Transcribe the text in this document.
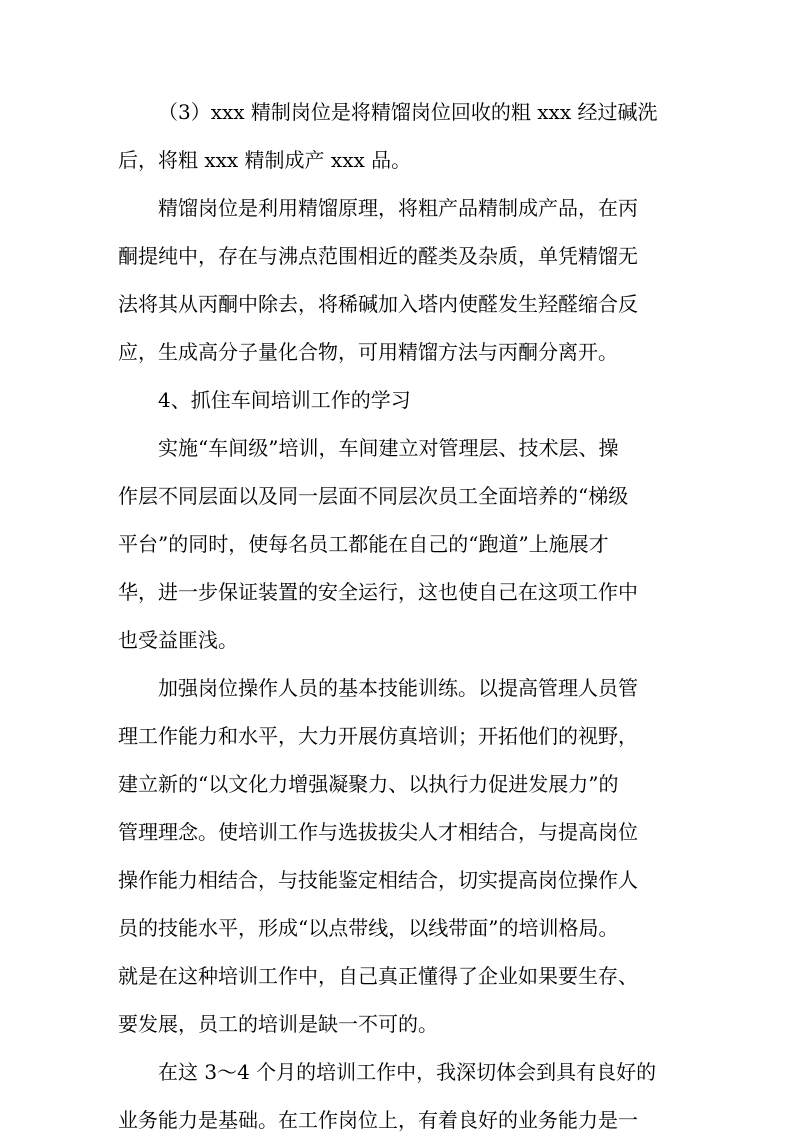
（3）xxx 精制岗位是将精馏岗位回收的粗 xxx 经过碱洗
后，将粗 xxx 精制成产 xxx 品。
精馏岗位是利用精馏原理，将粗产品精制成产品，在丙
酮提纯中，存在与沸点范围相近的醛类及杂质，单凭精馏无
法将其从丙酮中除去，将稀碱加入塔内使醛发生羟醛缩合反
应，生成高分子量化合物，可用精馏方法与丙酮分离开。
4、抓住车间培训工作的学习
实施“车间级”培训，车间建立对管理层、技术层、操
作层不同层面以及同一层面不同层次员工全面培养的“梯级
平台”的同时，使每名员工都能在自己的“跑道”上施展才
华，进一步保证装置的安全运行，这也使自己在这项工作中
也受益匪浅。
加强岗位操作人员的基本技能训练。以提高管理人员管
理工作能力和水平，大力开展仿真培训；开拓他们的视野，
建立新的“以文化力增强凝聚力、以执行力促进发展力”的
管理理念。使培训工作与选拔拔尖人才相结合，与提高岗位
操作能力相结合，与技能鉴定相结合，切实提高岗位操作人
员的技能水平，形成“以点带线，以线带面”的培训格局。
就是在这种培训工作中，自己真正懂得了企业如果要生存、
要发展，员工的培训是缺一不可的。
在这 3～4 个月的培训工作中，我深切体会到具有良好的
业务能力是基础。在工作岗位上，有着良好的业务能力是一
